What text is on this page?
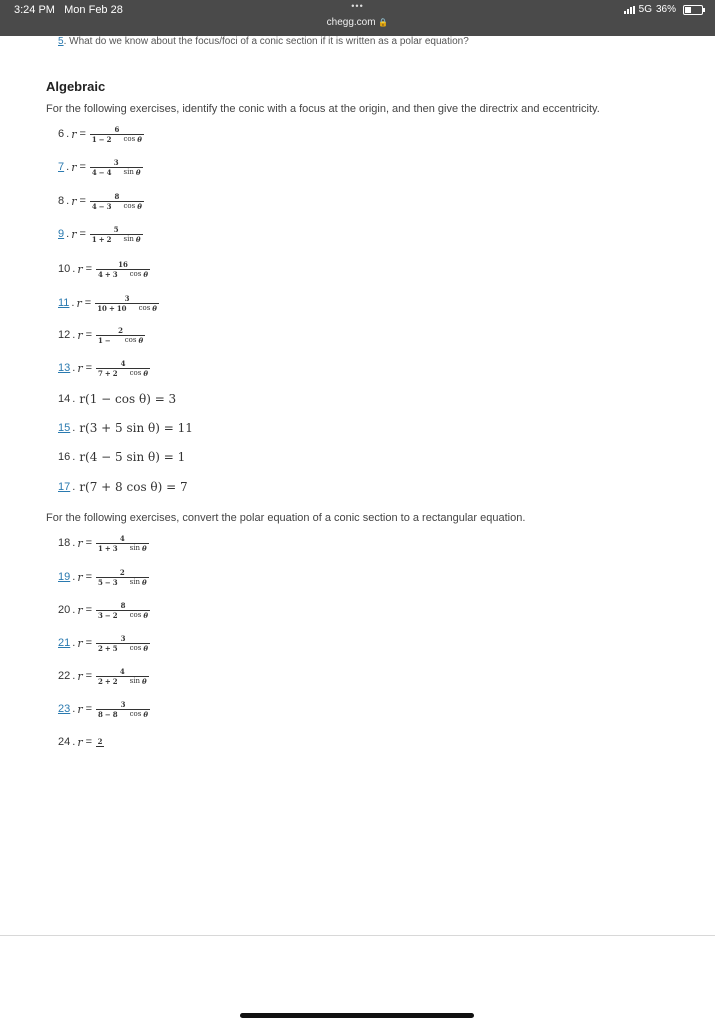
3:24 PM Mon Feb 28	•••
chegg.com 🔒
5G 36%
5. What do we know about the focus/foci of a conic section if it is written as a polar equation?
Algebraic
For the following exercises, identify the conic with a focus at the origin, and then give the directrix and eccentricity.
6 . $r = \frac{6}{\text{1 − 2 cos θ}}$
7 . $r = \frac{3}{\text{4 − 4 sin θ}}$
8 . $r = \frac{8}{\text{4 − 3 cos θ}}$
9 . $r = \frac{5}{\text{1 + 2 sin θ}}$
10 . $r = \frac{16}{\text{4 + 3 cos θ}}$
11 . $r = \frac{3}{\text{10 + 10 cos θ}}$
12 . $r = \frac{2}{\text{1 − cos θ}}$
13 . $r = \frac{4}{\text{7 + 2 cos θ}}$
14 . r(1 − cos θ) = 3
15 . r(3 + 5 sin θ) = 11
16 . r(4 − 5 sin θ) = 1
17 . r(7 + 8 cos θ) = 7
For the following exercises, convert the polar equation of a conic section to a rectangular equation.
18 . $r = \frac{4}{\text{1 + 3 sin θ}}$
19 . $r = \frac{2}{\text{5 − 3 sin θ}}$
20 . $r = \frac{8}{\text{3 − 2 cos θ}}$
21 . $r = \frac{3}{\text{2 + 5 cos θ}}$
22 . $r = \frac{4}{\text{2 + 2 sin θ}}$
23 . $r = \frac{3}{\text{8 − 8 cos θ}}$
24 . r = 2
